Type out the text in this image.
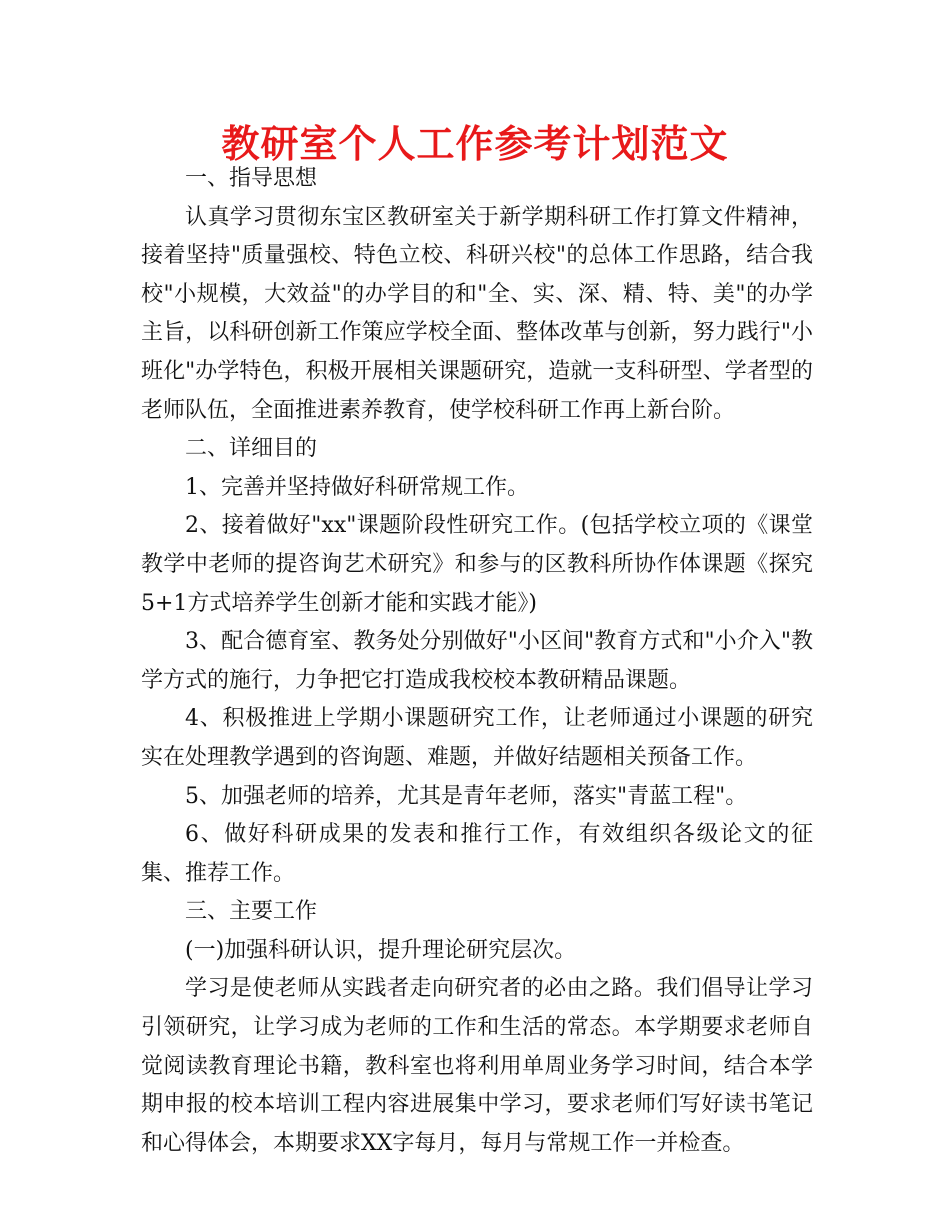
教研室个人工作参考计划范文

一、指导思想

认真学习贯彻东宝区教研室关于新学期科研工作打算文件精神，接着坚持"质量强校、特色立校、科研兴校"的总体工作思路，结合我校"小规模，大效益"的办学目的和"全、实、深、精、特、美"的办学主旨，以科研创新工作策应学校全面、整体改革与创新，努力践行"小班化"办学特色，积极开展相关课题研究，造就一支科研型、学者型的老师队伍，全面推进素养教育，使学校科研工作再上新台阶。

二、详细目的

1、完善并坚持做好科研常规工作。

2、接着做好"xx"课题阶段性研究工作。(包括学校立项的《课堂教学中老师的提咨询艺术研究》和参与的区教科所协作体课题《探究5+1方式培养学生创新才能和实践才能》)

3、配合德育室、教务处分别做好"小区间"教育方式和"小介入"教学方式的施行，力争把它打造成我校校本教研精品课题。

4、积极推进上学期小课题研究工作，让老师通过小课题的研究实在处理教学遇到的咨询题、难题，并做好结题相关预备工作。

5、加强老师的培养，尤其是青年老师，落实"青蓝工程"。

6、做好科研成果的发表和推行工作，有效组织各级论文的征集、推荐工作。

三、主要工作

(一)加强科研认识，提升理论研究层次。

学习是使老师从实践者走向研究者的必由之路。我们倡导让学习引领研究，让学习成为老师的工作和生活的常态。本学期要求老师自觉阅读教育理论书籍，教科室也将利用单周业务学习时间，结合本学期申报的校本培训工程内容进展集中学习，要求老师们写好读书笔记和心得体会，本期要求XX字每月，每月与常规工作一并检查。
